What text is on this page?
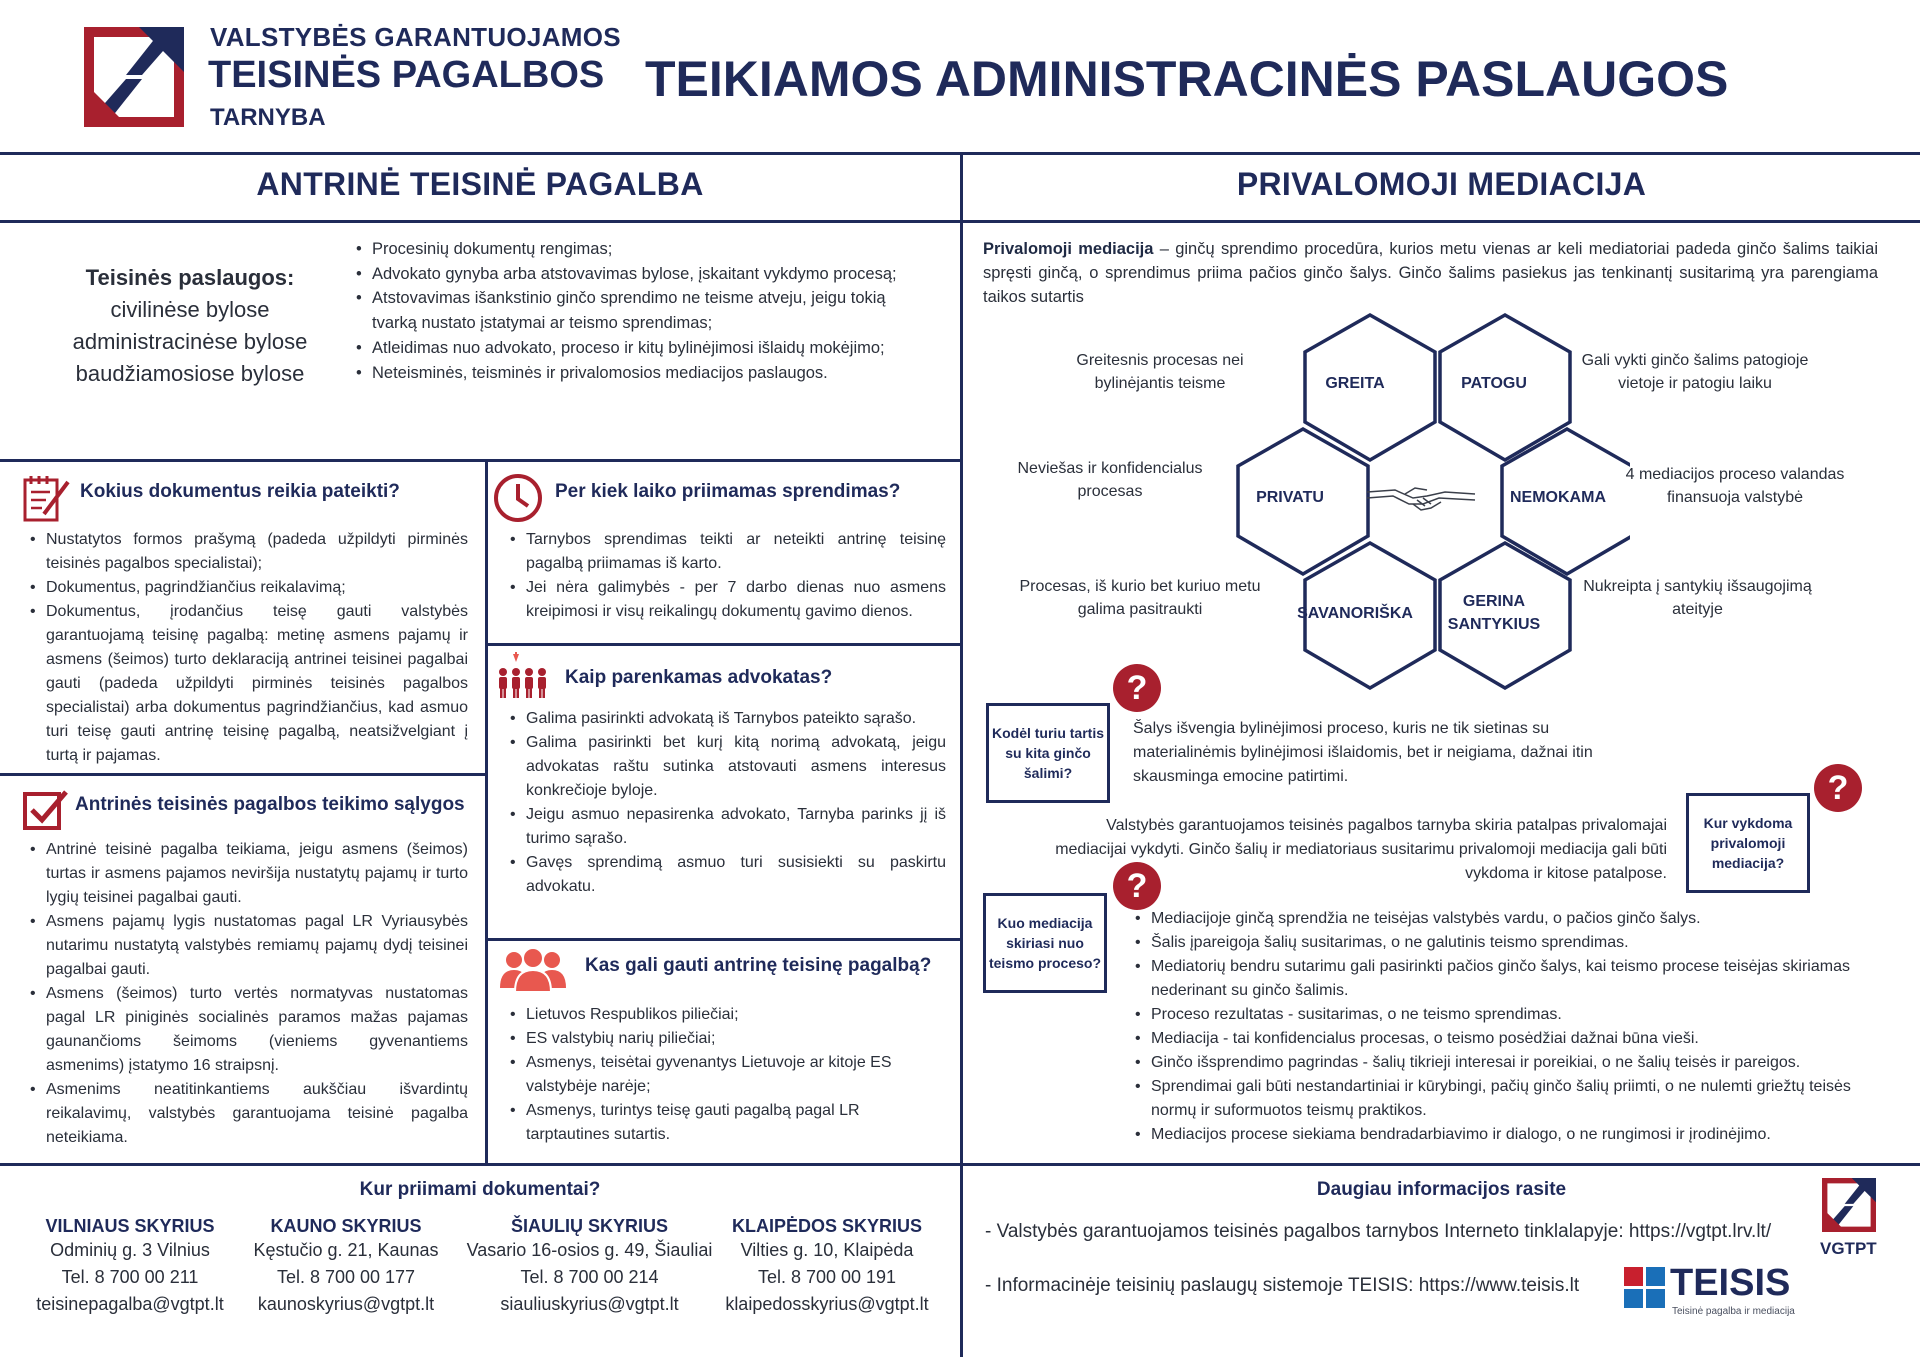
VALSTYBĖS GARANTUOJAMOS
TEISINĖS PAGALBOS
TARNYBA
TEIKIAMOS ADMINISTRACINĖS PASLAUGOS
ANTRINĖ TEISINĖ PAGALBA	PRIVALOMOJI MEDIACIJA
Teisinės paslaugos:
civilinėse bylose
administracinėse bylose
baudžiamosiose bylose
• Procesinių dokumentų rengimas;
• Advokato gynyba arba atstovavimas bylose, įskaitant vykdymo procesą;
• Atstovavimas išankstinio ginčo sprendimo ne teisme atveju, jeigu tokią tvarką nustato įstatymai ar teismo sprendimas;
• Atleidimas nuo advokato, proceso ir kitų bylinėjimosi išlaidų mokėjimo;
• Neteisminės, teisminės ir privalomosios mediacijos paslaugos.
Kokius dokumentus reikia pateikti?
• Nustatytos formos prašymą (padeda užpildyti pirminės teisinės pagalbos specialistai);
• Dokumentus, pagrindžiančius reikalavimą;
• Dokumentus, įrodančius teisę gauti valstybės garantuojamą teisinę pagalbą: metinę asmens pajamų ir asmens (šeimos) turto deklaraciją antrinei teisinei pagalbai gauti (padeda užpildyti pirminės teisinės pagalbos specialistai) arba dokumentus pagrindžiančius, kad asmuo turi teisę gauti antrinę teisinę pagalbą, neatsižvelgiant į turtą ir pajamas.
Antrinės teisinės pagalbos teikimo sąlygos
• Antrinė teisinė pagalba teikiama, jeigu asmens (šeimos) turtas ir asmens pajamos neviršija nustatytų pajamų ir turto lygių teisinei pagalbai gauti.
• Asmens pajamų lygis nustatomas pagal LR Vyriausybės nutarimu nustatytą valstybės remiamų pajamų dydį teisinei pagalbai gauti.
• Asmens (šeimos) turto vertės normatyvas nustatomas pagal LR piniginės socialinės paramos mažas pajamas gaunančioms šeimoms (vieniems gyvenantiems asmenims) įstatymo 16 straipsnį.
• Asmenims neatitinkantiems aukščiau išvardintų reikalavimų, valstybės garantuojama teisinė pagalba neteikiama.
Per kiek laiko priimamas sprendimas?
• Tarnybos sprendimas teikti ar neteikti antrinę teisinę pagalbą priimamas iš karto.
• Jei nėra galimybės - per 7 darbo dienas nuo asmens kreipimosi ir visų reikalingų dokumentų gavimo dienos.
Kaip parenkamas advokatas?
• Galima pasirinkti advokatą iš Tarnybos pateikto sąrašo.
• Galima pasirinkti bet kurį kitą norimą advokatą, jeigu advokatas raštu sutinka atstovauti asmens interesus konkrečioje byloje.
• Jeigu asmuo nepasirenka advokato, Tarnyba parinks jį iš turimo sąrašo.
• Gavęs sprendimą asmuo turi susisiekti su paskirtu advokatu.
Kas gali gauti antrinę teisinę pagalbą?
• Lietuvos Respublikos piliečiai;
• ES valstybių narių piliečiai;
• Asmenys, teisėtai gyvenantys Lietuvoje ar kitoje ES valstybėje narėje;
• Asmenys, turintys teisę gauti pagalbą pagal LR tarptautines sutartis.
Privalomoji mediacija – ginčų sprendimo procedūra, kurios metu vienas ar keli mediatoriai padeda ginčo šalims taikiai spręsti ginčą, o sprendimus priima pačios ginčo šalys. Ginčo šalims pasiekus jas tenkinantį susitarimą yra parengiama taikos sutartis
GREITA	PATOGU
PRIVATU	NEMOKAMA
SAVANORIŠKA
GERINA
SANTYKIUS
Greitesnis procesas nei bylinėjantis teisme
Gali vykti ginčo šalims patogioje vietoje ir patogiu laiku
Neviešas ir konfidencialus procesas
4 mediacijos proceso valandas finansuoja valstybė
Procesas, iš kurio bet kuriuo metu galima pasitraukti
Nukreipta į santykių išsaugojimą ateityje
?
Kodėl turiu tartis su kita ginčo šalimi?
Šalys išvengia bylinėjimosi proceso, kuris ne tik sietinas su materialinėmis bylinėjimosi išlaidomis, bet ir neigiama, dažnai itin skausminga emocine patirtimi.	?
Kur vykdoma privalomoji mediacija?
Valstybės garantuojamos teisinės pagalbos tarnyba skiria patalpas privalomajai mediacijai vykdyti. Ginčo šalių ir mediatoriaus susitarimu privalomoji mediacija gali būti vykdoma ir kitose patalpose.
?
Kuo mediacija skiriasi nuo teismo proceso?
• Mediacijoje ginčą sprendžia ne teisėjas valstybės vardu, o pačios ginčo šalys.
• Šalis įpareigoja šalių susitarimas, o ne galutinis teismo sprendimas.
• Mediatorių bendru sutarimu gali pasirinkti pačios ginčo šalys, kai teismo procese teisėjas skiriamas nederinant su ginčo šalimis.
• Proceso rezultatas - susitarimas, o ne teismo sprendimas.
• Mediacija - tai konfidencialus procesas, o teismo posėdžiai dažnai būna vieši.
• Ginčo išsprendimo pagrindas - šalių tikrieji interesai ir poreikiai, o ne šalių teisės ir pareigos.
• Sprendimai gali būti nestandartiniai ir kūrybingi, pačių ginčo šalių priimti, o ne nulemti griežtų teisės normų ir suformuotos teismų praktikos.
• Mediacijos procese siekiama bendradarbiavimo ir dialogo, o ne rungimosi ir įrodinėjimo.
Kur priimami dokumentai?
VILNIAUS SKYRIUS
Odminių g. 3 Vilnius
Tel. 8 700 00 211
teisinepagalba@vgtpt.lt
KAUNO SKYRIUS
Kęstučio g. 21, Kaunas
Tel. 8 700 00 177
kaunoskyrius@vgtpt.lt
ŠIAULIŲ SKYRIUS
Vasario 16-osios g. 49, Šiauliai
Tel. 8 700 00 214
siauliuskyrius@vgtpt.lt
KLAIPĖDOS SKYRIUS
Vilties g. 10, Klaipėda
Tel. 8 700 00 191
klaipedosskyrius@vgtpt.lt
Daugiau informacijos rasite
- Valstybės garantuojamos teisinės pagalbos tarnybos Interneto tinklalapyje: https://vgtpt.lrv.lt/
- Informacinėje teisinių paslaugų sistemoje TEISIS: https://www.teisis.lt
VGTPT
TEISIS
Teisinė pagalba ir mediacija
